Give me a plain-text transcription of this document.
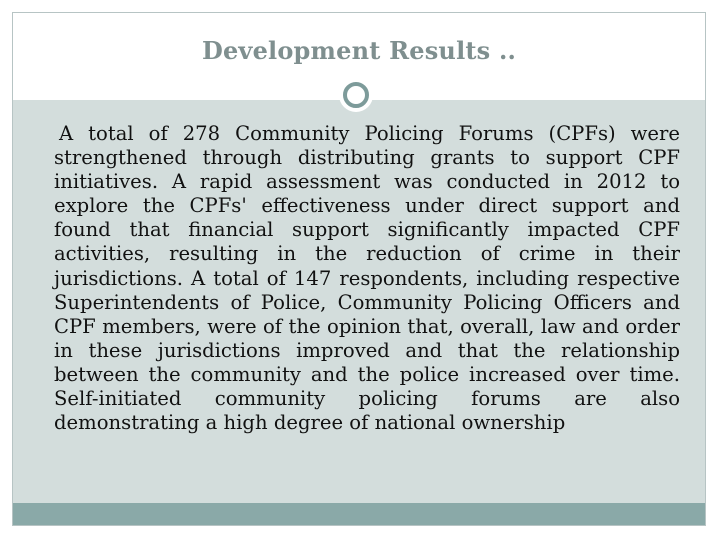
Development Results ..

A total of 278 Community Policing Forums (CPFs) were strengthened through distributing grants to support CPF initiatives. A rapid assessment was conducted in 2012 to explore the CPFs' effectiveness under direct support and found that financial support significantly impacted CPF activities, resulting in the reduction of crime in their jurisdictions. A total of 147 respondents, including respective Superintendents of Police, Community Policing Officers and CPF members, were of the opinion that, overall, law and order in these jurisdictions improved and that the relationship between the community and the police increased over time. Self-initiated community policing forums are also demonstrating a high degree of national ownership
